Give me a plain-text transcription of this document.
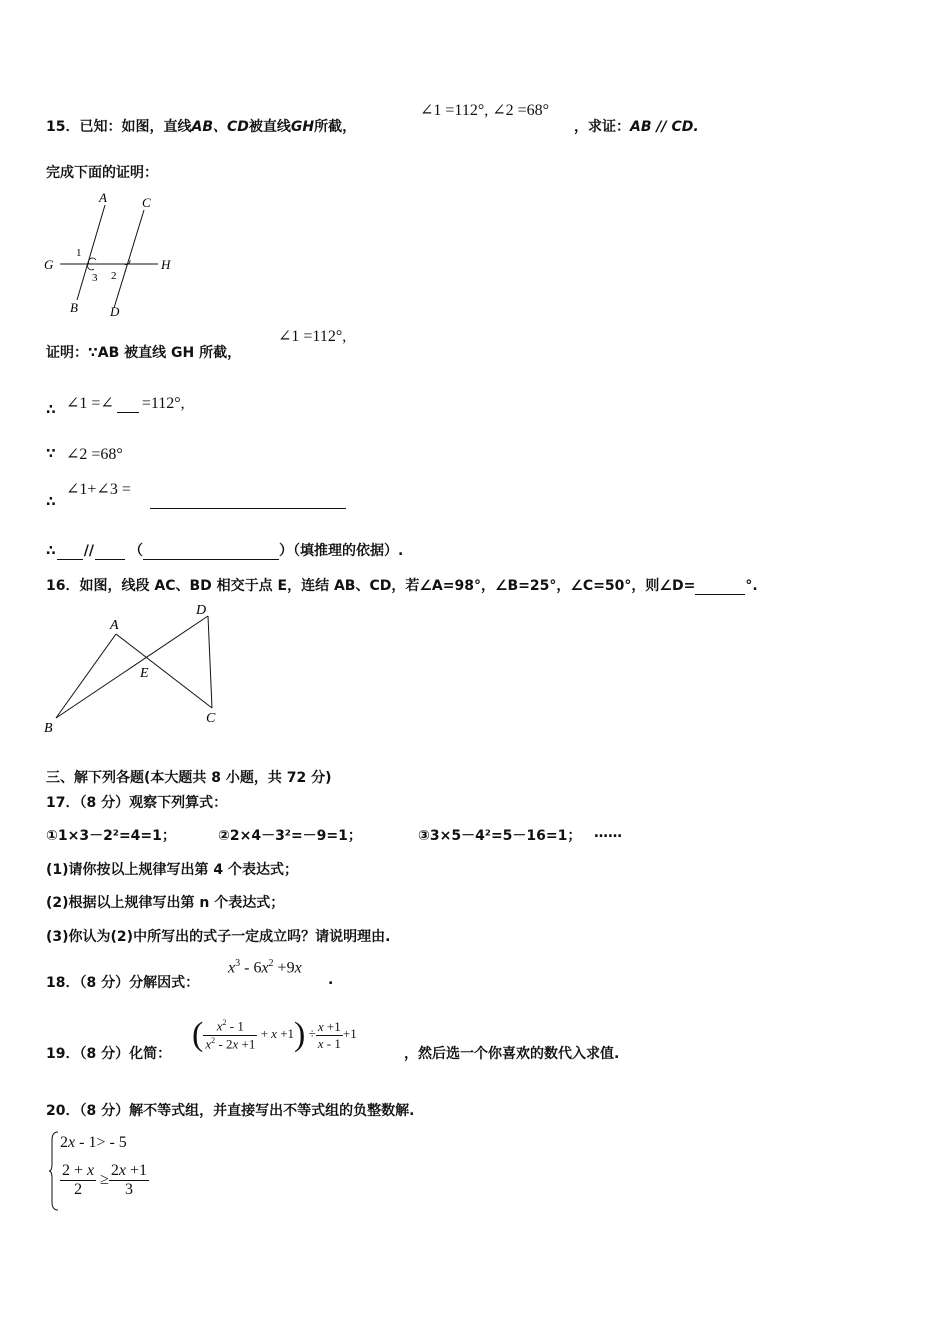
15．已知：如图，直线AB、CD被直线GH所截，
∠1 =112°, ∠2 =68°
，求证：AB // CD.
完成下面的证明：
A	C
G	H
B D
1
3 2
证明：∵AB 被直线 GH 所截，
∠1 =112°,
∴ ∠1 =∠ =112°,
∵ ∠2 =68°
∴
∠1+∠3 =
∴ //	（	）（填推理的依据）.
16．如图，线段 AC、BD 相交于点 E，连结 AB、CD，若∠A=98°，∠B=25°，∠C=50°，则∠D=	°.
A
D
E
B
C
三、解下列各题(本大题共 8 小题，共 72 分)
17．（8 分）观察下列算式：
①1×3－2²=4=1；	②2×4－3²=－9=1；	③3×5－4²=5－16=1； ……
(1)请你按以上规律写出第 4 个表达式；
(2)根据以上规律写出第 n 个表达式；
(3)你认为(2)中所写出的式子一定成立吗？请说明理由.
18．（8 分）分解因式：
$x^3 - 6x^2 +9x$
.
19．（8 分）化简：
( $\frac{x^2 - 1}{x^2 - 2x +1} + x +1) \div \frac{x +1}{x - 1} +1$
，然后选一个你喜欢的数代入求值.
20．（8 分）解不等式组，并直接写出不等式组的负整数解.
2x - 1> - 5
$\frac{2 + x}{2} \ge \frac{2x +1}{3}$
